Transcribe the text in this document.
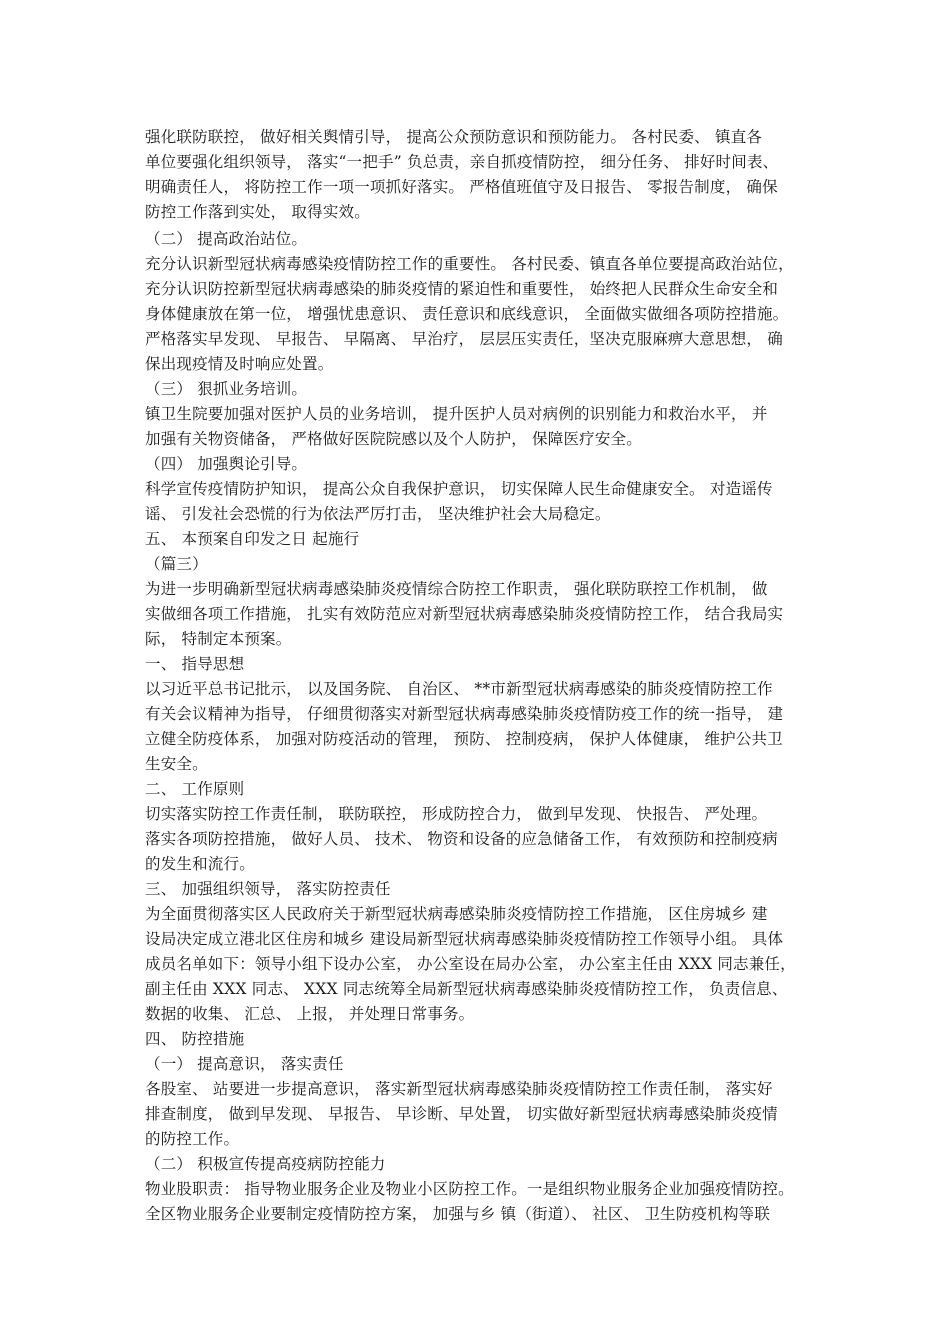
强化联防联控， 做好相关舆情引导， 提高公众预防意识和预防能力。 各村民委、 镇直各
单位要强化组织领导， 落实“一把手” 负总责，亲自抓疫情防控， 细分任务、 排好时间表、
明确责任人， 将防控工作一项一项抓好落实。 严格值班值守及日报告、 零报告制度， 确保
防控工作落到实处， 取得实效。
（二） 提高政治站位。
充分认识新型冠状病毒感染疫情防控工作的重要性。 各村民委、镇直各单位要提高政治站位，
充分认识防控新型冠状病毒感染的肺炎疫情的紧迫性和重要性， 始终把人民群众生命安全和
身体健康放在第一位， 增强忧患意识、 责任意识和底线意识， 全面做实做细各项防控措施。
严格落实早发现、 早报告、 早隔离、 早治疗， 层层压实责任，坚决克服麻痹大意思想， 确
保出现疫情及时响应处置。
（三） 狠抓业务培训。
镇卫生院要加强对医护人员的业务培训， 提升医护人员对病例的识别能力和救治水平， 并
加强有关物资储备， 严格做好医院院感以及个人防护， 保障医疗安全。
（四） 加强舆论引导。
科学宣传疫情防护知识， 提高公众自我保护意识， 切实保障人民生命健康安全。 对造谣传
谣、 引发社会恐慌的行为依法严厉打击， 坚决维护社会大局稳定。
五、 本预案自印发之日 起施行
（篇三）
为进一步明确新型冠状病毒感染肺炎疫情综合防控工作职责， 强化联防联控工作机制， 做
实做细各项工作措施， 扎实有效防范应对新型冠状病毒感染肺炎疫情防控工作， 结合我局实
际， 特制定本预案。
一、 指导思想
以习近平总书记批示， 以及国务院、 自治区、 **市新型冠状病毒感染的肺炎疫情防控工作
有关会议精神为指导， 仔细贯彻落实对新型冠状病毒感染肺炎疫情防疫工作的统一指导， 建
立健全防疫体系， 加强对防疫活动的管理， 预防、 控制疫病， 保护人体健康， 维护公共卫
生安全。
二、 工作原则
切实落实防控工作责任制， 联防联控， 形成防控合力， 做到早发现、 快报告、 严处理。
落实各项防控措施， 做好人员、 技术、 物资和设备的应急储备工作， 有效预防和控制疫病
的发生和流行。
三、 加强组织领导， 落实防控责任
为全面贯彻落实区人民政府关于新型冠状病毒感染肺炎疫情防控工作措施， 区住房城乡 建
设局决定成立港北区住房和城乡 建设局新型冠状病毒感染肺炎疫情防控工作领导小组。 具体
成员名单如下：领导小组下设办公室， 办公室设在局办公室， 办公室主任由 XXX 同志兼任，
副主任由 XXX 同志、 XXX 同志统筹全局新型冠状病毒感染肺炎疫情防控工作， 负责信息、
数据的收集、 汇总、 上报， 并处理日常事务。
四、 防控措施
（一） 提高意识， 落实责任
各股室、 站要进一步提高意识， 落实新型冠状病毒感染肺炎疫情防控工作责任制， 落实好
排查制度， 做到早发现、 早报告、 早诊断、早处置， 切实做好新型冠状病毒感染肺炎疫情
的防控工作。
（二） 积极宣传提高疫病防控能力
物业股职责： 指导物业服务企业及物业小区防控工作。一是组织物业服务企业加强疫情防控。
全区物业服务企业要制定疫情防控方案， 加强与乡 镇（街道）、 社区、 卫生防疫机构等联
